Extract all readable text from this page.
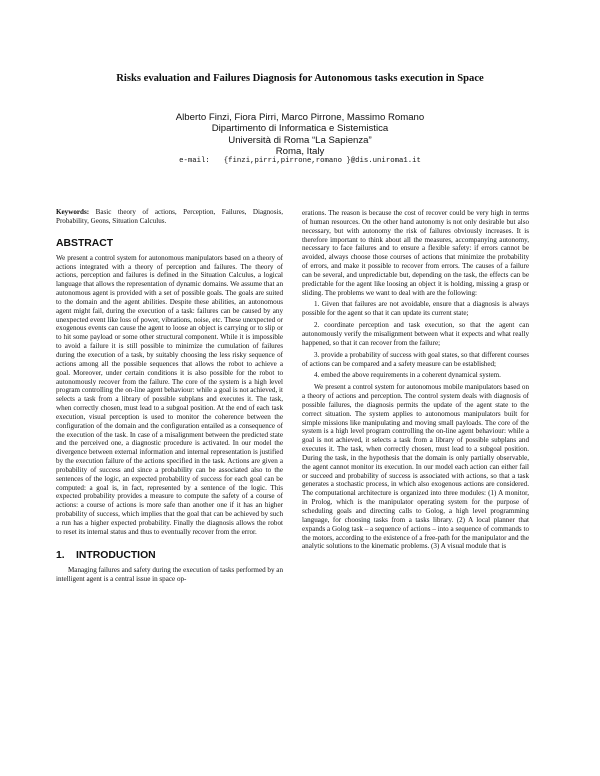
Risks evaluation and Failures Diagnosis for Autonomous tasks execution in Space
Alberto Finzi, Fiora Pirri, Marco Pirrone, Massimo Romano
Dipartimento di Informatica e Sistemistica
Università di Roma “La Sapienza”
Roma, Italy
e-mail: {finzi,pirri,pirrone,romano }@dis.uniroma1.it

Keywords: Basic theory of actions, Perception, Failures, Diagnosis, Probability, Geons, Situation Calculus.

ABSTRACT

We present a control system for autonomous manipulators based on a theory of actions integrated with a theory of perception and failures. The theory of actions, perception and failures is defined in the Situation Calculus, a logical language that allows the representation of dynamic domains. We assume that an autonomous agent is provided with a set of possible goals. The goals are suited to the domain and the agent abilities. Despite these abilities, an autonomous agent might fail, during the execution of a task: failures can be caused by any unexpected event like loss of power, vibrations, noise, etc. These unexpected or exogenous events can cause the agent to loose an object is carrying or to slip or to hit some payload or some other structural component. While it is impossible to avoid a failure it is still possible to minimize the cumulation of failures during the execution of a task, by suitably choosing the less risky sequence of actions among all the possible sequences that allows the robot to achieve a goal. Moreover, under certain conditions it is also possible for the robot to autonomously recover from the failure. The core of the system is a high level program controlling the on-line agent behaviour: while a goal is not achieved, it selects a task from a library of possible subplans and executes it. The task, when correctly chosen, must lead to a subgoal position. At the end of each task execution, visual perception is used to monitor the coherence between the configuration of the domain and the configuration entailed as a consequence of the execution of the task. In case of a misalignment between the predicted state and the perceived one, a diagnostic procedure is activated. In our model the divergence between external information and internal representation is justified by the execution failure of the actions specified in the task. Actions are given a probability of success and since a probability can be associated also to the sentences of the logic, an expected probability of success for each goal can be computed: a goal is, in fact, represented by a sentence of the logic. This expected probability provides a measure to compute the safety of a course of actions: a course of actions is more safe than another one if it has an higher probability of success, which implies that the goal that can be achieved by such a run has a higher expected probability. Finally the diagnosis allows the robot to reset its internal status and thus to eventually recover from the error.

1. INTRODUCTION

Managing failures and safety during the execution of tasks performed by an intelligent agent is a central issue in space op-

erations. The reason is because the cost of recover could be very high in terms of human resources. On the other hand autonomy is not only desirable but also necessary, but with autonomy the risk of failures obviously increases. It is therefore important to think about all the measures, accompanying autonomy, necessary to face failures and to ensure a flexible safety: if errors cannot be avoided, always choose those courses of actions that minimize the probability of errors, and make it possible to recover from errors. The causes of a failure can be several, and unpredictable but, depending on the task, the effects can be predictable for the agent like loosing an object it is holding, missing a grasp or sliding. The problems we want to deal with are the following:

1. Given that failures are not avoidable, ensure that a diagnosis is always possible for the agent so that it can update its current state;

2. coordinate perception and task execution, so that the agent can autonomously verify the misalignment between what it expects and what really happened, so that it can recover from the failure;

3. provide a probability of success with goal states, so that different courses of actions can be compared and a safety measure can be established;

4. embed the above requirements in a coherent dynamical system.

We present a control system for autonomous mobile manipulators based on a theory of actions and perception. The control system deals with diagnosis of possible failures, the diagnosis permits the update of the agent state to the correct situation. The system applies to autonomous manipulators built for simple missions like manipulating and moving small payloads. The core of the system is a high level program controlling the on-line agent behaviour: while a goal is not achieved, it selects a task from a library of possible subplans and executes it. The task, when correctly chosen, must lead to a subgoal position. During the task, in the hypothesis that the domain is only partially observable, the agent cannot monitor its execution. In our model each action can either fail or succeed and probability of success is associated with actions, so that a task generates a stochastic process, in which also exogenous actions are considered. The computational architecture is organized into three modules: (1) A monitor, in Prolog, which is the manipulator operating system for the purpose of scheduling goals and directing calls to Golog, a high level programming language, for choosing tasks from a tasks library. (2) A local planner that expands a Golog task – a sequence of actions – into a sequence of commands to the motors, according to the existence of a free-path for the manipulator and the analytic solutions to the kinematic problems. (3) A visual module that is
